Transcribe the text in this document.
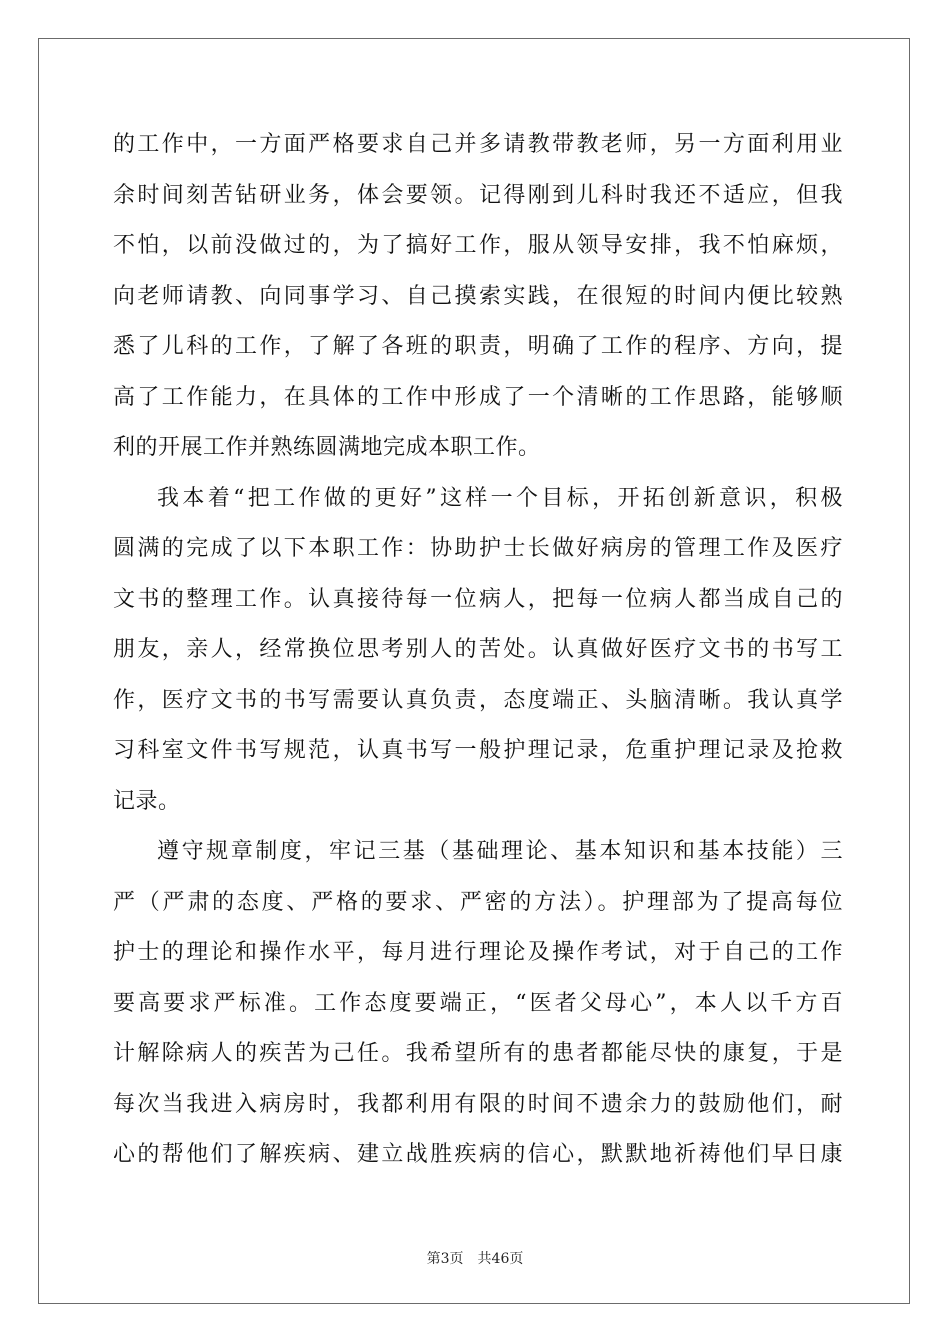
的工作中，一方面严格要求自己并多请教带教老师，另一方面利用业
余时间刻苦钻研业务，体会要领。记得刚到儿科时我还不适应，但我
不怕，以前没做过的，为了搞好工作，服从领导安排，我不怕麻烦，
向老师请教、向同事学习、自己摸索实践，在很短的时间内便比较熟
悉了儿科的工作，了解了各班的职责，明确了工作的程序、方向，提
高了工作能力，在具体的工作中形成了一个清晰的工作思路，能够顺
利的开展工作并熟练圆满地完成本职工作。
我本着“把工作做的更好”这样一个目标，开拓创新意识，积极
圆满的完成了以下本职工作：协助护士长做好病房的管理工作及医疗
文书的整理工作。认真接待每一位病人，把每一位病人都当成自己的
朋友，亲人，经常换位思考别人的苦处。认真做好医疗文书的书写工
作，医疗文书的书写需要认真负责，态度端正、头脑清晰。我认真学
习科室文件书写规范，认真书写一般护理记录，危重护理记录及抢救
记录。
遵守规章制度，牢记三基（基础理论、基本知识和基本技能）三
严（严肃的态度、严格的要求、严密的方法）。护理部为了提高每位
护士的理论和操作水平，每月进行理论及操作考试，对于自己的工作
要高要求严标准。工作态度要端正，“医者父母心”，本人以千方百
计解除病人的疾苦为己任。我希望所有的患者都能尽快的康复，于是
每次当我进入病房时，我都利用有限的时间不遗余力的鼓励他们，耐
心的帮他们了解疾病、建立战胜疾病的信心，默默地祈祷他们早日康
第3页 共46页
